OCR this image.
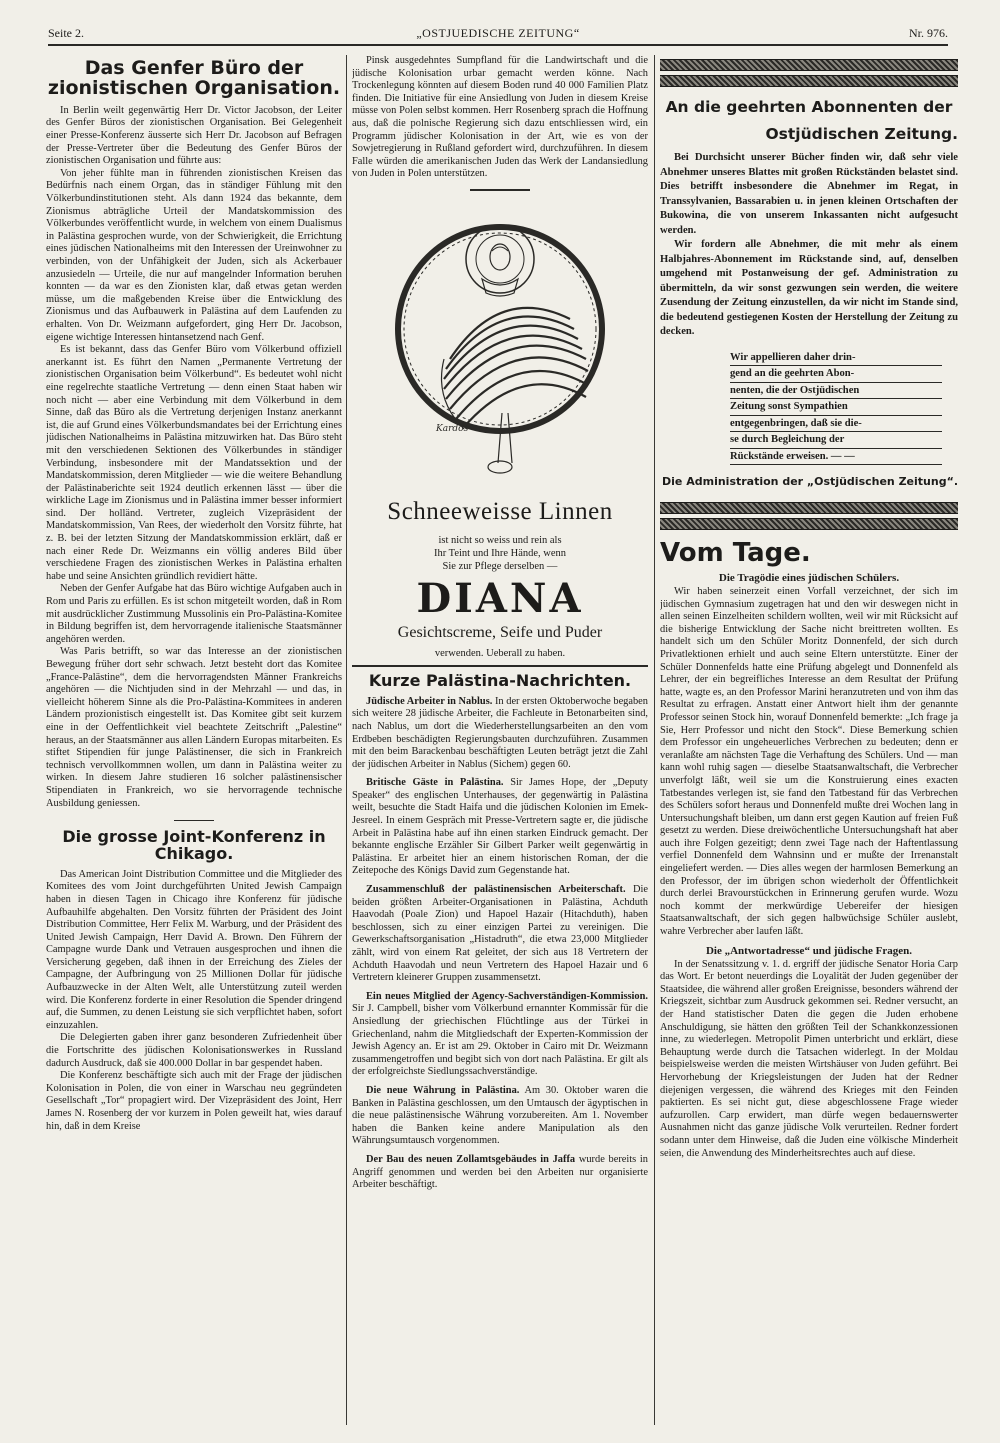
Seite 2.	„OSTJUEDISCHE ZEITUNG“	Nr. 976.
Das Genfer Büro der zionistischen Organisation.

In Berlin weilt gegenwärtig Herr Dr. Victor Jacobson, der Leiter des Genfer Büros der zionistischen Organisation. Bei Gelegenheit einer Presse-Konferenz äusserte sich Herr Dr. Jacobson auf Befragen der Presse-Vertreter über die Bedeutung des Genfer Büros der zionistischen Organisation und führte aus:

Von jeher fühlte man in führenden zionistischen Kreisen das Bedürfnis nach einem Organ, das in ständiger Fühlung mit den Völkerbundinstitutionen steht. Als dann 1924 das bekannte, dem Zionismus abträgliche Urteil der Mandatskommission des Völkerbundes veröffentlicht wurde, in welchem von einem Dualismus in Palästina gesprochen wurde, von der Schwierigkeit, die Errichtung eines jüdischen Nationalheims mit den Interessen der Ureinwohner zu verbinden, von der Unfähigkeit der Juden, sich als Ackerbauer anzusiedeln — Urteile, die nur auf mangelnder Information beruhen konnten — da war es den Zionisten klar, daß etwas getan werden müsse, um die maßgebenden Kreise über die Entwicklung des Zionismus und das Aufbauwerk in Palästina auf dem Laufenden zu erhalten. Von Dr. Weizmann aufgefordert, ging Herr Dr. Jacobson, eigene wichtige Interessen hintansetzend nach Genf.

Es ist bekannt, dass das Genfer Büro vom Völkerbund offiziell anerkannt ist. Es führt den Namen „Permanente Vertretung der zionistischen Organisation beim Völkerbund“. Es bedeutet wohl nicht eine regelrechte staatliche Vertretung — denn einen Staat haben wir noch nicht — aber eine Verbindung mit dem Völkerbund in dem Sinne, daß das Büro als die Vertretung derjenigen Instanz anerkannt ist, die auf Grund eines Völkerbundsmandates bei der Errichtung eines jüdischen Nationalheims in Palästina mitzuwirken hat. Das Büro steht mit den verschiedenen Sektionen des Völkerbundes in ständiger Verbindung, insbesondere mit der Mandatssektion und der Mandatskommission, deren Mitglieder — wie die weitere Behandlung der Palästinaberichte seit 1924 deutlich erkennen lässt — über die wirkliche Lage im Zionismus und in Palästina immer besser informiert sind. Der holländ. Vertreter, zugleich Vizepräsident der Mandatskommission, Van Rees, der wiederholt den Vorsitz führte, hat z. B. bei der letzten Sitzung der Mandatskommission erklärt, daß er nach einer Rede Dr. Weizmanns ein völlig anderes Bild über verschiedene Fragen des zionistischen Werkes in Palästina erhalten habe und seine Ansichten gründlich revidiert hätte.

Neben der Genfer Aufgabe hat das Büro wichtige Aufgaben auch in Rom und Paris zu erfüllen. Es ist schon mitgeteilt worden, daß in Rom mit ausdrücklicher Zustimmung Mussolinis ein Pro-Palästina-Komitee in Bildung begriffen ist, dem hervorragende italienische Staatsmänner angehören werden.

Was Paris betrifft, so war das Interesse an der zionistischen Bewegung früher dort sehr schwach. Jetzt besteht dort das Komitee „France-Palästine“, dem die hervorragendsten Männer Frankreichs angehören — die Nichtjuden sind in der Mehrzahl — und das, in vielleicht höherem Sinne als die Pro-Palästina-Kommitees in anderen Ländern prozionistisch eingestellt ist. Das Komitee gibt seit kurzem eine in der Oeffentlichkeit viel beachtete Zeitschrift „Palestine“ heraus, an der Staatsmänner aus allen Ländern Europas mitarbeiten. Es stiftet Stipendien für junge Palästinenser, die sich in Frankreich technisch vervollkommnen wollen, um dann in Palästina weiter zu wirken. In diesem Jahre studieren 16 solcher palästinensischer Stipendiaten in Frankreich, wo sie hervorragende technische Ausbildung geniessen.

Die grosse Joint-Konferenz in Chikago.

Das American Joint Distribution Committee und die Mitglieder des Komitees des vom Joint durchgeführten United Jewish Campaign haben in diesen Tagen in Chicago ihre Konferenz für jüdische Aufbauhilfe abgehalten. Den Vorsitz führten der Präsident des Joint Distribution Committee, Herr Felix M. Warburg, und der Präsident des United Jewish Campaign, Herr David A. Brown. Den Führern der Campagne wurde Dank und Vetrauen ausgesprochen und ihnen die Versicherung gegeben, daß ihnen in der Erreichung des Zieles der Campagne, der Aufbringung von 25 Millionen Dollar für jüdische Aufbauzwecke in der Alten Welt, alle Unterstützung zuteil werden wird. Die Konferenz forderte in einer Resolution die Spender dringend auf, die Summen, zu denen Leistung sie sich verpflichtet haben, sofort einzuzahlen.

Die Delegierten gaben ihrer ganz besonderen Zufriedenheit über die Fortschritte des jüdischen Kolonisationswerkes in Russland dadurch Ausdruck, daß sie 400.000 Dollar in bar gespendet haben.

Die Konferenz beschäftigte sich auch mit der Frage der jüdischen Kolonisation in Polen, die von einer in Warschau neu gegründeten Gesellschaft „Tor“ propagiert wird. Der Vizepräsident des Joint, Herr James N. Rosenberg der vor kurzem in Polen geweilt hat, wies darauf hin, daß in dem Kreise

Pinsk ausgedehntes Sumpfland für die Landwirtschaft und die jüdische Kolonisation urbar gemacht werden könne. Nach Trockenlegung könnten auf diesem Boden rund 40 000 Familien Platz finden. Die Initiative für eine Ansiedlung von Juden in diesem Kreise müsse von Polen selbst kommen. Herr Rosenberg sprach die Hoffnung aus, daß die polnische Regierung sich dazu entschliessen wird, ein Programm jüdischer Kolonisation in der Art, wie es von der Sowjetregierung in Rußland gefordert wird, durchzuführen. In diesem Falle würden die amerikanischen Juden das Werk der Landansiedlung von Juden in Polen unterstützen.

Kardos
Schneeweisse Linnen
ist nicht so weiss und rein als
Ihr Teint und Ihre Hände, wenn
Sie zur Pflege derselben —
DIANA
Gesichtscreme, Seife und Puder
verwenden. Ueberall zu haben.
Kurze Palästina-Nachrichten.

Jüdische Arbeiter in Nablus. In der ersten Oktoberwoche begaben sich weitere 28 jüdische Arbeiter, die Fachleute in Betonarbeiten sind, nach Nablus, um dort die Wiederherstellungsarbeiten an den vom Erdbeben beschädigten Regierungsbauten durchzuführen. Zusammen mit den beim Barackenbau beschäftigten Leuten beträgt jetzt die Zahl der jüdischen Arbeiter in Nablus (Sichem) gegen 60.

Britische Gäste in Palästina. Sir James Hope, der „Deputy Speaker“ des englischen Unterhauses, der gegenwärtig in Palästina weilt, besuchte die Stadt Haifa und die jüdischen Kolonien im Emek-Jesreel. In einem Gespräch mit Presse-Vertretern sagte er, die jüdische Arbeit in Palästina habe auf ihn einen starken Eindruck gemacht. Der bekannte englische Erzähler Sir Gilbert Parker weilt gegenwärtig in Palästina. Er arbeitet hier an einem historischen Roman, der die Zeitepoche des Königs David zum Gegenstande hat.

Zusammenschluß der palästinensischen Arbeiterschaft. Die beiden größten Arbeiter-Organisationen in Palästina, Achduth Haavodah (Poale Zion) und Hapoel Hazair (Hitachduth), haben beschlossen, sich zu einer einzigen Partei zu vereinigen. Die Gewerkschaftsorganisation „Histadruth“, die etwa 23,000 Mitglieder zählt, wird von einem Rat geleitet, der sich aus 18 Vertretern der Achduth Haavodah und neun Vertretern des Hapoel Hazair und 6 Vertretern kleinerer Gruppen zusammensetzt.

Ein neues Mitglied der Agency-Sachverständigen-Kommission. Sir J. Campbell, bisher vom Völkerbund ernannter Kommissär für die Ansiedlung der griechischen Flüchtlinge aus der Türkei in Griechenland, nahm die Mitgliedschaft der Experten-Kommission der Jewish Agency an. Er ist am 29. Oktober in Cairo mit Dr. Weizmann zusammengetroffen und begibt sich von dort nach Palästina. Er gilt als der erfolgreichste Siedlungssachverständige.

Die neue Währung in Palästina. Am 30. Oktober waren die Banken in Palästina geschlossen, um den Umtausch der ägyptischen in die neue palästinensische Währung vorzubereiten. Am 1. November haben die Banken keine andere Manipulation als den Währungsumtausch vorgenommen.

Der Bau des neuen Zollamtsgebäudes in Jaffa wurde bereits in Angriff genommen und werden bei den Arbeiten nur organisierte Arbeiter beschäftigt.

An die geehrten Abonnenten der
Ostjüdischen Zeitung.

Bei Durchsicht unserer Bücher finden wir, daß sehr viele Abnehmer unseres Blattes mit großen Rückständen belastet sind. Dies betrifft insbesondere die Abnehmer im Regat, in Transsylvanien, Bassarabien u. in jenen kleinen Ortschaften der Bukowina, die von unserem Inkassanten nicht aufgesucht werden.

Wir fordern alle Abnehmer, die mit mehr als einem Halbjahres-Abonnement im Rückstande sind, auf, denselben umgehend mit Postanweisung der gef. Administration zu übermitteln, da wir sonst gezwungen sein werden, die weitere Zusendung der Zeitung einzustellen, da wir nicht im Stande sind, die bedeutend gestiegenen Kosten der Herstellung der Zeitung zu decken.

Wir appellieren daher drin-
gend an die geehrten Abon-
nenten, die der Ostjüdischen
Zeitung sonst Sympathien
entgegenbringen, daß sie die-
se durch Begleichung der
Rückstände erweisen. — —
Die Administration der „Ostjüdischen Zeitung“.
Vom Tage.
Die Tragödie eines jüdischen Schülers.

Wir haben seinerzeit einen Vorfall verzeichnet, der sich im jüdischen Gymnasium zugetragen hat und den wir deswegen nicht in allen seinen Einzelheiten schildern wollten, weil wir mit Rücksicht auf die bisherige Entwicklung der Sache nicht breittreten wollten. Es handelt sich um den Schüler Moritz Donnenfeld, der sich durch Privatlektionen erhielt und auch seine Eltern unterstützte. Einer der Schüler Donnenfelds hatte eine Prüfung abgelegt und Donnenfeld als Lehrer, der ein begreifliches Interesse an dem Resultat der Prüfung hatte, wagte es, an den Professor Marini heranzutreten und von ihm das Resultat zu erfragen. Anstatt einer Antwort hielt ihm der genannte Professor seinen Stock hin, worauf Donnenfeld bemerkte: „Ich frage ja Sie, Herr Professor und nicht den Stock“. Diese Bemerkung schien dem Professor ein ungeheuerliches Verbrechen zu bedeuten; denn er veranlaßte am nächsten Tage die Verhaftung des Schülers. Und — man kann wohl ruhig sagen — dieselbe Staatsanwaltschaft, die Verbrecher unverfolgt läßt, weil sie um die Konstruierung eines exacten Tatbestandes verlegen ist, sie fand den Tatbestand für das Verbrechen des Schülers sofort heraus und Donnenfeld mußte drei Wochen lang in Untersuchungshaft bleiben, um dann erst gegen Kaution auf freien Fuß gesetzt zu werden. Diese dreiwöchentliche Untersuchungshaft hat aber auch ihre Folgen gezeitigt; denn zwei Tage nach der Haftentlassung verfiel Donnenfeld dem Wahnsinn und er mußte der Irrenanstalt eingeliefert werden. — Dies alles wegen der harmlosen Bemerkung an den Professor, der im übrigen schon wiederholt der Öffentlichkeit durch derlei Bravourstückchen in Erinnerung gerufen wurde. Wozu noch kommt der merkwürdige Uebereifer der hiesigen Staatsanwaltschaft, der sich gegen halbwüchsige Schüler auslebt, wahre Verbrecher aber laufen läßt.

Die „Antwortadresse“ und jüdische Fragen.

In der Senatssitzung v. 1. d. ergriff der jüdische Senator Horia Carp das Wort. Er betont neuerdings die Loyalität der Juden gegenüber der Staatsidee, die während aller großen Ereignisse, besonders während der Kriegszeit, sichtbar zum Ausdruck gekommen sei. Redner versucht, an der Hand statistischer Daten die gegen die Juden erhobene Anschuldigung, sie hätten den größten Teil der Schankkonzessionen inne, zu wiederlegen. Metropolit Pimen unterbricht und erklärt, diese Behauptung werde durch die Tatsachen widerlegt. In der Moldau beispielsweise werden die meisten Wirtshäuser von Juden geführt. Bei Hervorhebung der Kriegsleistungen der Juden hat der Redner diejenigen vergessen, die während des Krieges mit den Feinden paktierten. Es sei nicht gut, diese abgeschlossene Frage wieder aufzurollen. Carp erwidert, man dürfe wegen bedauernswerter Ausnahmen nicht das ganze jüdische Volk verurteilen. Redner fordert sodann unter dem Hinweise, daß die Juden eine völkische Minderheit seien, die Anwendung des Minderheitsrechtes auch auf diese.
